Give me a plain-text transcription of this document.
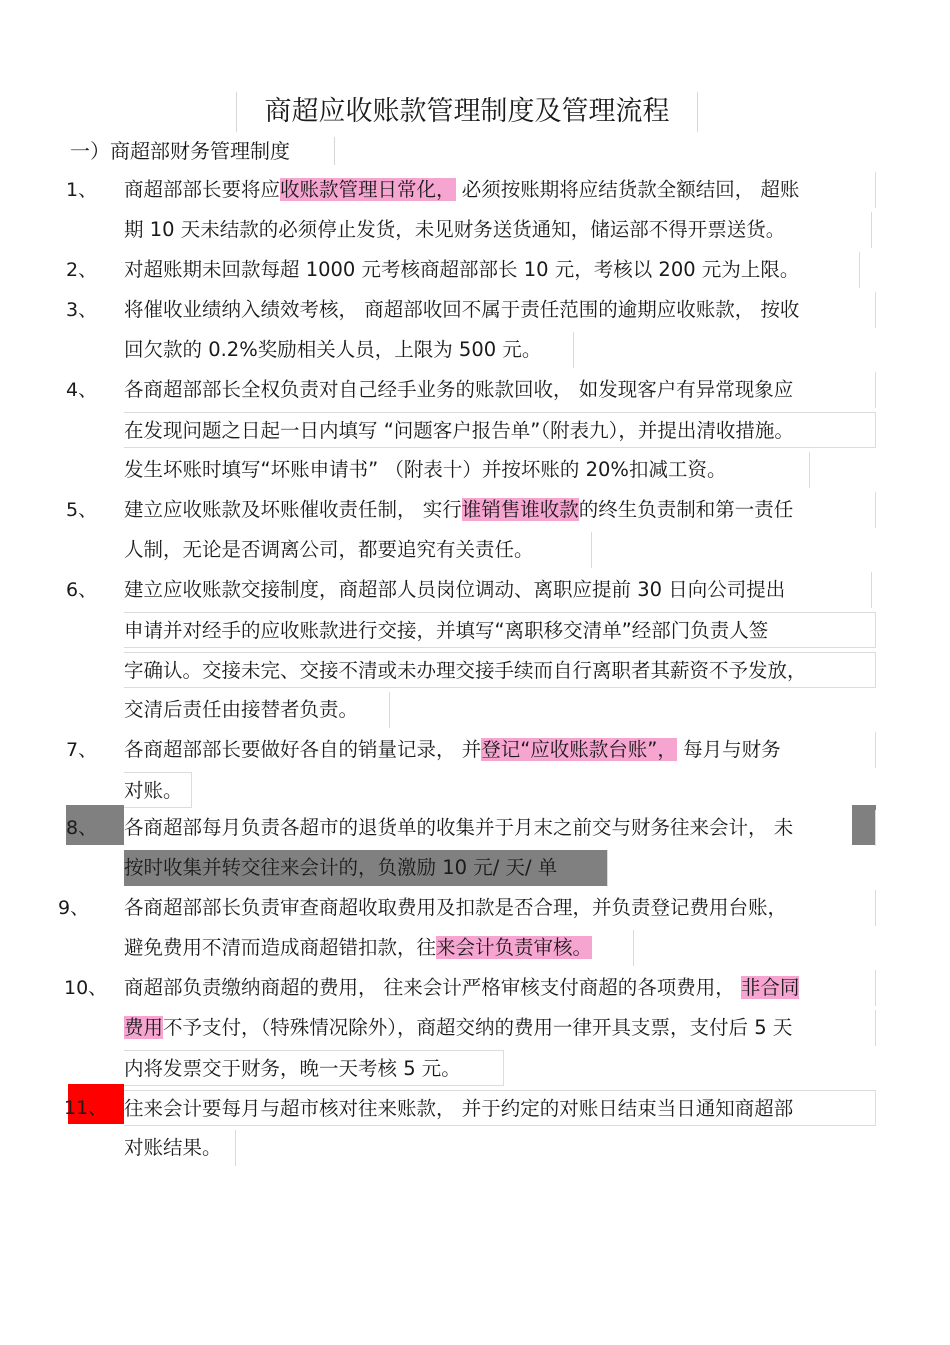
商超应收账款管理制度及管理流程
一）商超部财务管理制度
1、	商超部部长要将应收账款管理日常化， 必须按账期将应结货款全额结回， 超账
期 10 天未结款的必须停止发货，未见财务送货通知，储运部不得开票送货。
2、	对超账期未回款每超 1000 元考核商超部部长 10 元，考核以 200 元为上限。
3、	将催收业绩纳入绩效考核， 商超部收回不属于责任范围的逾期应收账款， 按收
回欠款的 0.2%奖励相关人员，上限为 500 元。
4、	各商超部部长全权负责对自己经手业务的账款回收， 如发现客户有异常现象应
在发现问题之日起一日内填写 “问题客户报告单”（附表九），并提出清收措施。
发生坏账时填写“坏账申请书” （附表十）并按坏账的 20%扣减工资。
5、	建立应收账款及坏账催收责任制， 实行谁销售谁收款的终生负责制和第一责任
人制，无论是否调离公司，都要追究有关责任。
6、	建立应收账款交接制度，商超部人员岗位调动、离职应提前 30 日向公司提出
申请并对经手的应收账款进行交接，并填写“离职移交清单”经部门负责人签
字确认。交接未完、交接不清或未办理交接手续而自行离职者其薪资不予发放，
交清后责任由接替者负责。
7、	各商超部部长要做好各自的销量记录， 并登记“应收账款台账”， 每月与财务
对账。
8、	各商超部每月负责各超市的退货单的收集并于月末之前交与财务往来会计， 未
按时收集并转交往来会计的，负激励 10 元/ 天/ 单
9、	各商超部部长负责审查商超收取费用及扣款是否合理，并负责登记费用台账，
避免费用不清而造成商超错扣款，往来会计负责审核。
10、 商超部负责缴纳商超的费用， 往来会计严格审核支付商超的各项费用， 非合同
费用不予支付，（特殊情况除外），商超交纳的费用一律开具支票，支付后 5 天
内将发票交于财务，晚一天考核 5 元。
11、 往来会计要每月与超市核对往来账款， 并于约定的对账日结束当日通知商超部
对账结果。
